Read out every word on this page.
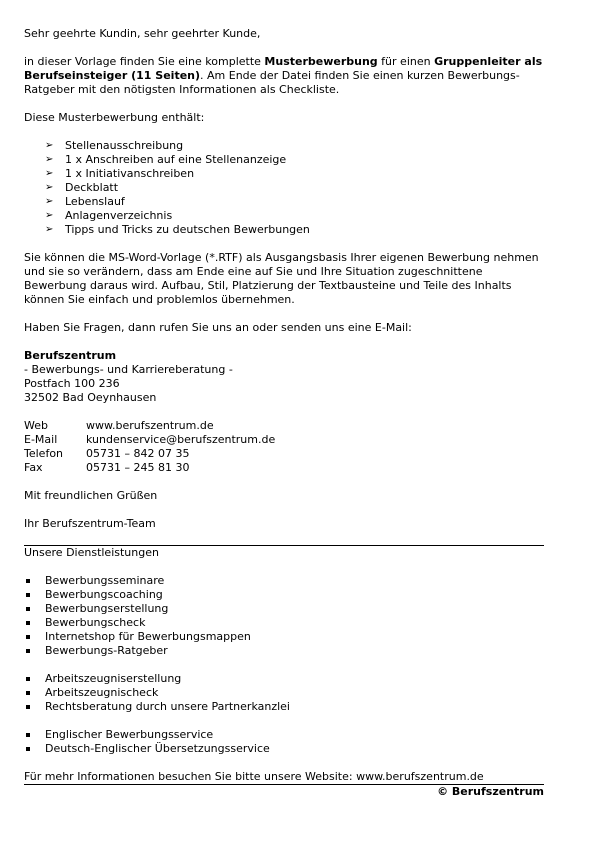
Sehr geehrte Kundin, sehr geehrter Kunde,

in dieser Vorlage finden Sie eine komplette Musterbewerbung für einen Gruppenleiter als Berufseinsteiger (11 Seiten). Am Ende der Datei finden Sie einen kurzen Bewerbungs-Ratgeber mit den nötigsten Informationen als Checkliste.

Diese Musterbewerbung enthält:

➢ Stellenausschreibung
➢ 1 x Anschreiben auf eine Stellenanzeige
➢ 1 x Initiativanschreiben
➢ Deckblatt
➢ Lebenslauf
➢ Anlagenverzeichnis
➢ Tipps und Tricks zu deutschen Bewerbungen

Sie können die MS-Word-Vorlage (*.RTF) als Ausgangsbasis Ihrer eigenen Bewerbung nehmen und sie so verändern, dass am Ende eine auf Sie und Ihre Situation zugeschnittene Bewerbung daraus wird. Aufbau, Stil, Platzierung der Textbausteine und Teile des Inhalts können Sie einfach und problemlos übernehmen.

Haben Sie Fragen, dann rufen Sie uns an oder senden uns eine E-Mail:

Berufszentrum

- Bewerbungs- und Karriereberatung -

Postfach 100 236

32502 Bad Oeynhausen

Web	www.berufszentrum.de
E-Mail	kundenservice@berufszentrum.de
Telefon	05731 – 842 07 35
Fax	05731 – 245 81 30

Mit freundlichen Grüßen

Ihr Berufszentrum-Team

Unsere Dienstleistungen

Bewerbungsseminare
Bewerbungscoaching
Bewerbungserstellung
Bewerbungscheck
Internetshop für Bewerbungsmappen
Bewerbungs-Ratgeber
Arbeitszeugniserstellung
Arbeitszeugnischeck
Rechtsberatung durch unsere Partnerkanzlei
Englischer Bewerbungsservice
Deutsch-Englischer Übersetzungsservice

Für mehr Informationen besuchen Sie bitte unsere Website: www.berufszentrum.de

© Berufszentrum
